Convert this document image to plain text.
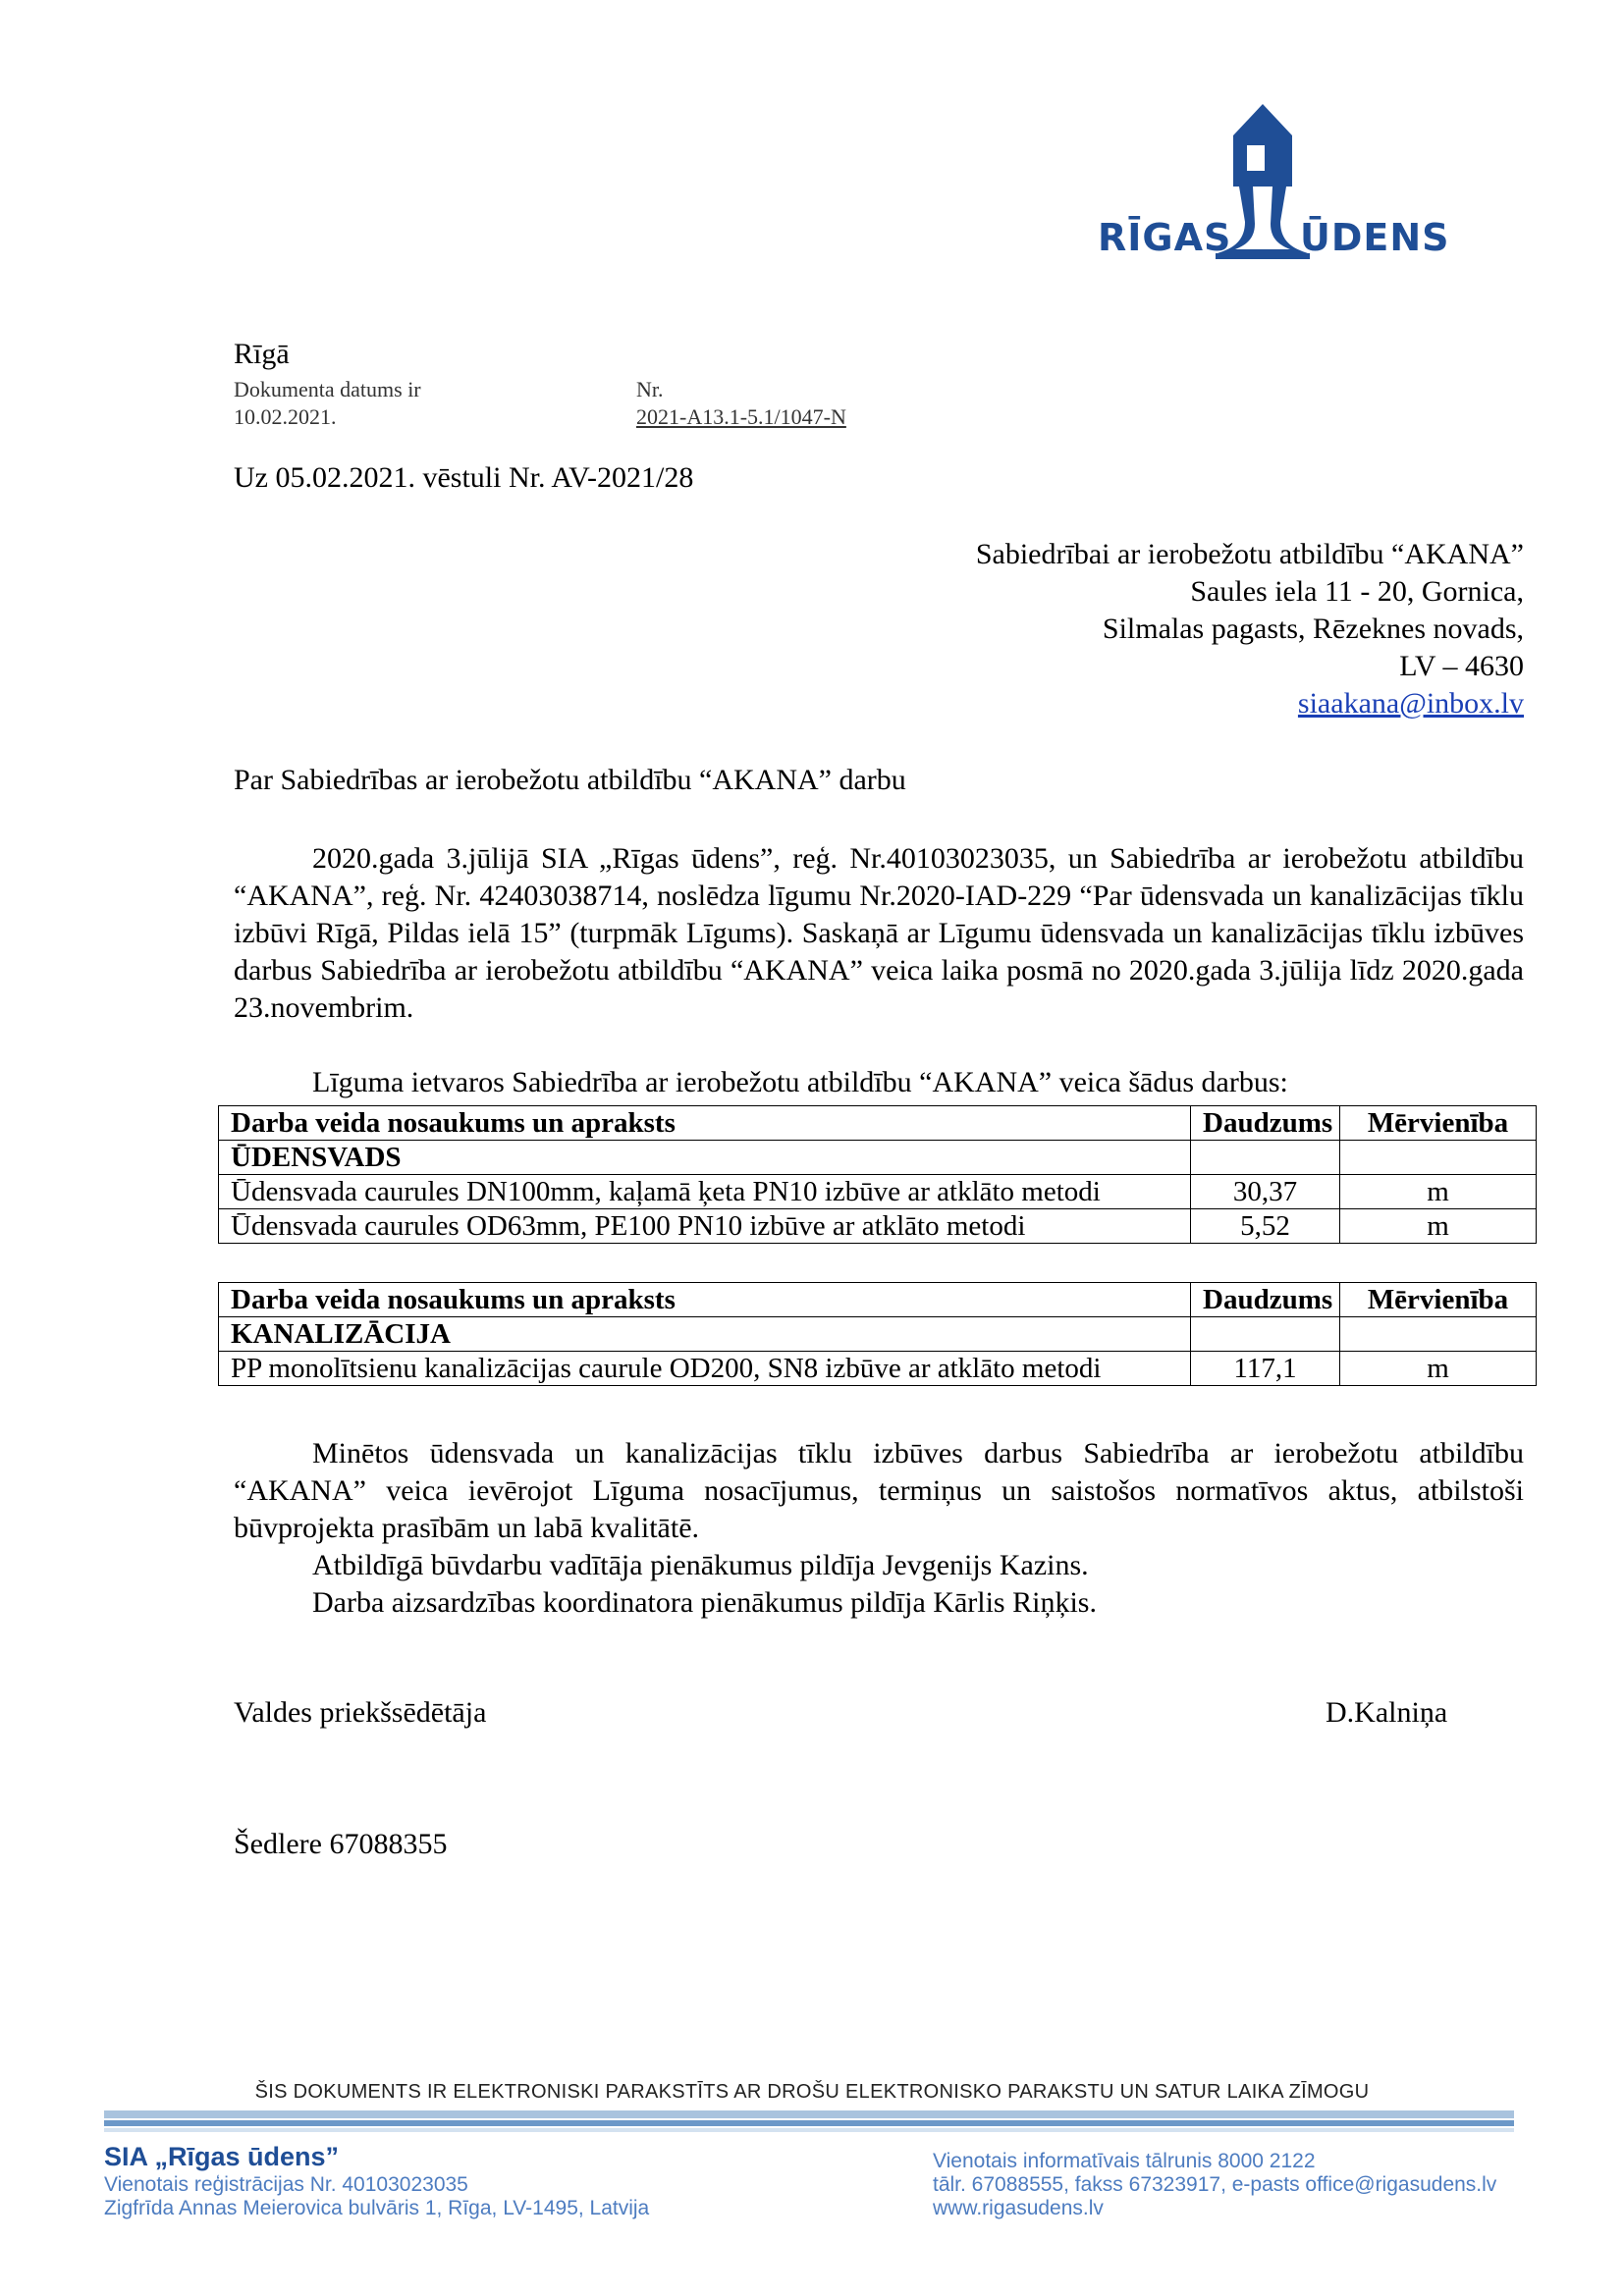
RĪGAS ŪDENS
Rīgā
Dokumenta datums ir
10.02.2021.
Nr.
2021-A13.1-5.1/1047-N
Uz 05.02.2021. vēstuli Nr. AV-2021/28
Sabiedrībai ar ierobežotu atbildību “AKANA”
Saules iela 11 - 20, Gornica,
Silmalas pagasts, Rēzeknes novads,
LV – 4630
siaakana@inbox.lv
Par Sabiedrības ar ierobežotu atbildību “AKANA” darbu
2020.gada 3.jūlijā SIA „Rīgas ūdens”, reģ. Nr.40103023035, un Sabiedrība ar ierobežotu atbildību “AKANA”, reģ. Nr. 42403038714, noslēdza līgumu Nr.2020-IAD-229 “Par ūdensvada un kanalizācijas tīklu izbūvi Rīgā, Pildas ielā 15” (turpmāk Līgums). Saskaņā ar Līgumu ūdensvada un kanalizācijas tīklu izbūves darbus Sabiedrība ar ierobežotu atbildību “AKANA” veica laika posmā no 2020.gada 3.jūlija līdz 2020.gada 23.novembrim.
Līguma ietvaros Sabiedrība ar ierobežotu atbildību “AKANA” veica šādus darbus:
Darba veida nosaukums un apraksts	Daudzums	Mērvienība
ŪDENSVADS		
Ūdensvada caurules DN100mm, kaļamā ķeta PN10 izbūve ar atklāto metodi	30,37	m
Ūdensvada caurules OD63mm, PE100 PN10 izbūve ar atklāto metodi	5,52	m
Darba veida nosaukums un apraksts	Daudzums	Mērvienība
KANALIZĀCIJA		
PP monolītsienu kanalizācijas caurule OD200, SN8 izbūve ar atklāto metodi	117,1	m
Minētos ūdensvada un kanalizācijas tīklu izbūves darbus Sabiedrība ar ierobežotu atbildību “AKANA” veica ievērojot Līguma nosacījumus, termiņus un saistošos normatīvos aktus, atbilstoši būvprojekta prasībām un labā kvalitātē.
Atbildīgā būvdarbu vadītāja pienākumus pildīja Jevgenijs Kazins.
Darba aizsardzības koordinatora pienākumus pildīja Kārlis Riņķis.
Valdes priekšsēdētāja	D.Kalniņa
Šedlere 67088355
ŠIS DOKUMENTS IR ELEKTRONISKI PARAKSTĪTS AR DROŠU ELEKTRONISKO PARAKSTU UN SATUR LAIKA ZĪMOGU
SIA „Rīgas ūdens”
Vienotais reģistrācijas Nr. 40103023035
Zigfrīda Annas Meierovica bulvāris 1, Rīga, LV-1495, Latvija
Vienotais informatīvais tālrunis 8000 2122
tālr. 67088555, fakss 67323917, e-pasts office@rigasudens.lv
www.rigasudens.lv
